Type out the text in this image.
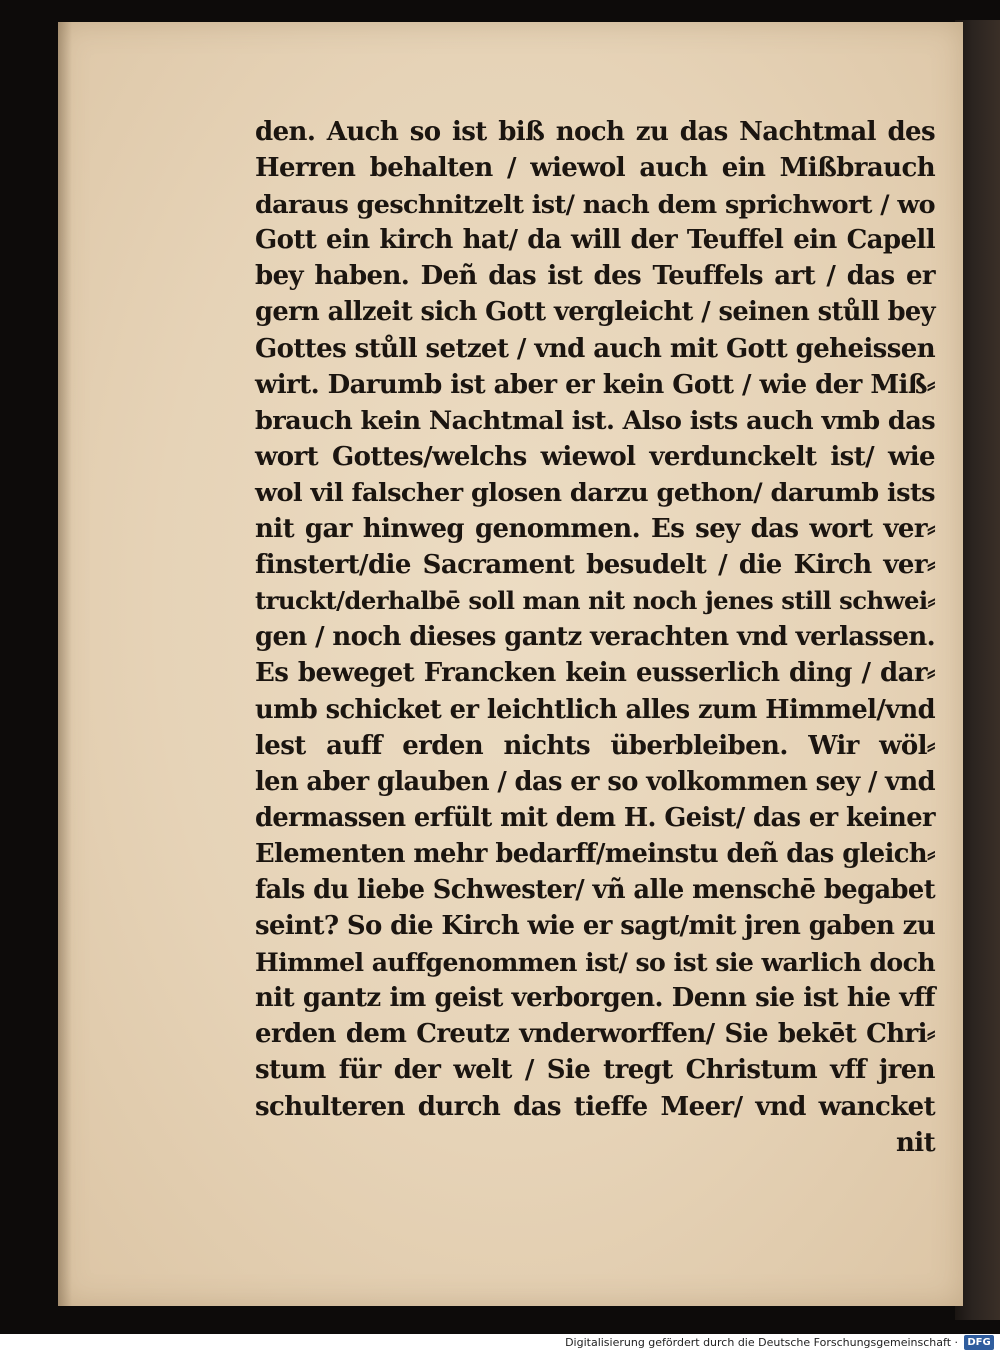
den. Auch so ist biß noch zu das Nachtmal des
Herren behalten / wiewol auch ein Mißbrauch
daraus geschnitzelt ist/ nach dem sprichwort / wo
Gott ein kirch hat/ da will der Teuffel ein Capell
bey haben. Deñ das ist des Teuffels art / das er
gern allzeit sich Gott vergleicht / seinen stůll bey
Gottes stůll setzet / vnd auch mit Gott geheissen
wirt. Darumb ist aber er kein Gott / wie der Miß⸗
brauch kein Nachtmal ist. Also ists auch vmb das
wort Gottes/welchs wiewol verdunckelt ist/ wie
wol vil falscher glosen darzu gethon/ darumb ists
nit gar hinweg genommen. Es sey das wort ver⸗
finstert/die Sacrament besudelt / die Kirch ver⸗
truckt/derhalbē soll man nit noch jenes still schwei⸗
gen / noch dieses gantz verachten vnd verlassen.
Es beweget Francken kein eusserlich ding / dar⸗
umb schicket er leichtlich alles zum Himmel/vnd
lest auff erden nichts überbleiben. Wir wöl⸗
len aber glauben / das er so volkommen sey / vnd
dermassen erfült mit dem H. Geist/ das er keiner
Elementen mehr bedarff/meinstu deñ das gleich⸗
fals du liebe Schwester/ vñ alle menschē begabet
seint? So die Kirch wie er sagt/mit jren gaben zu
Himmel auffgenommen ist/ so ist sie warlich doch
nit gantz im geist verborgen. Denn sie ist hie vff
erden dem Creutz vnderworffen/ Sie bekēt Chri⸗
stum für der welt / Sie tregt Christum vff jren
schulteren durch das tieffe Meer/ vnd wancket
nit
Digitalisierung gefördert durch die Deutsche Forschungsgemeinschaft · DFG
